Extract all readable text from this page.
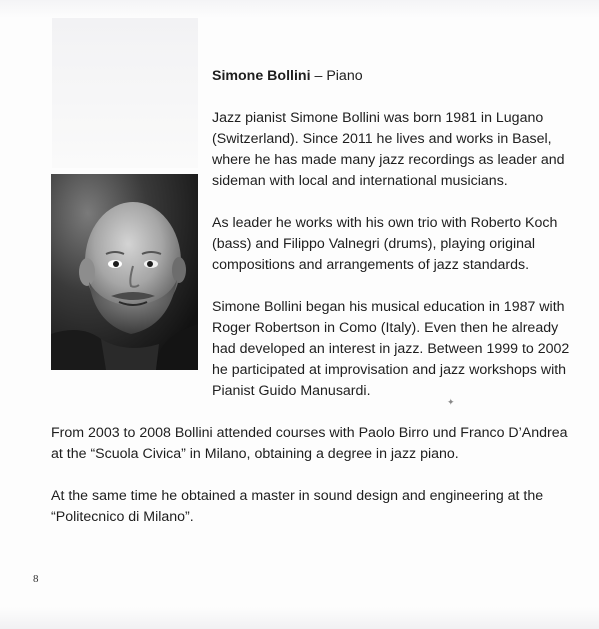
Simone Bollini – Piano

Jazz pianist Simone Bollini was born 1981 in Lugano (Switzerland). Since 2011 he lives and works in Basel, where he has made many jazz recordings as leader and sideman with local and international musicians.

As leader he works with his own trio with Roberto Koch (bass) and Filippo Valnegri (drums), playing original compositions and arrangements of jazz standards.

Simone Bollini began his musical education in 1987 with Roger Robertson in Como (Italy). Even then he already had developed an interest in jazz. Between 1999 to 2002 he participated at improvisation and jazz workshops with Pianist Guido Manusardi.

✦

From 2003 to 2008 Bollini attended courses with Paolo Birro und Franco D’Andrea at the “Scuola Civica” in Milano, obtaining a degree in jazz piano.

At the same time he obtained a master in sound design and engineering at the “Politecnico di Milano”.

8
